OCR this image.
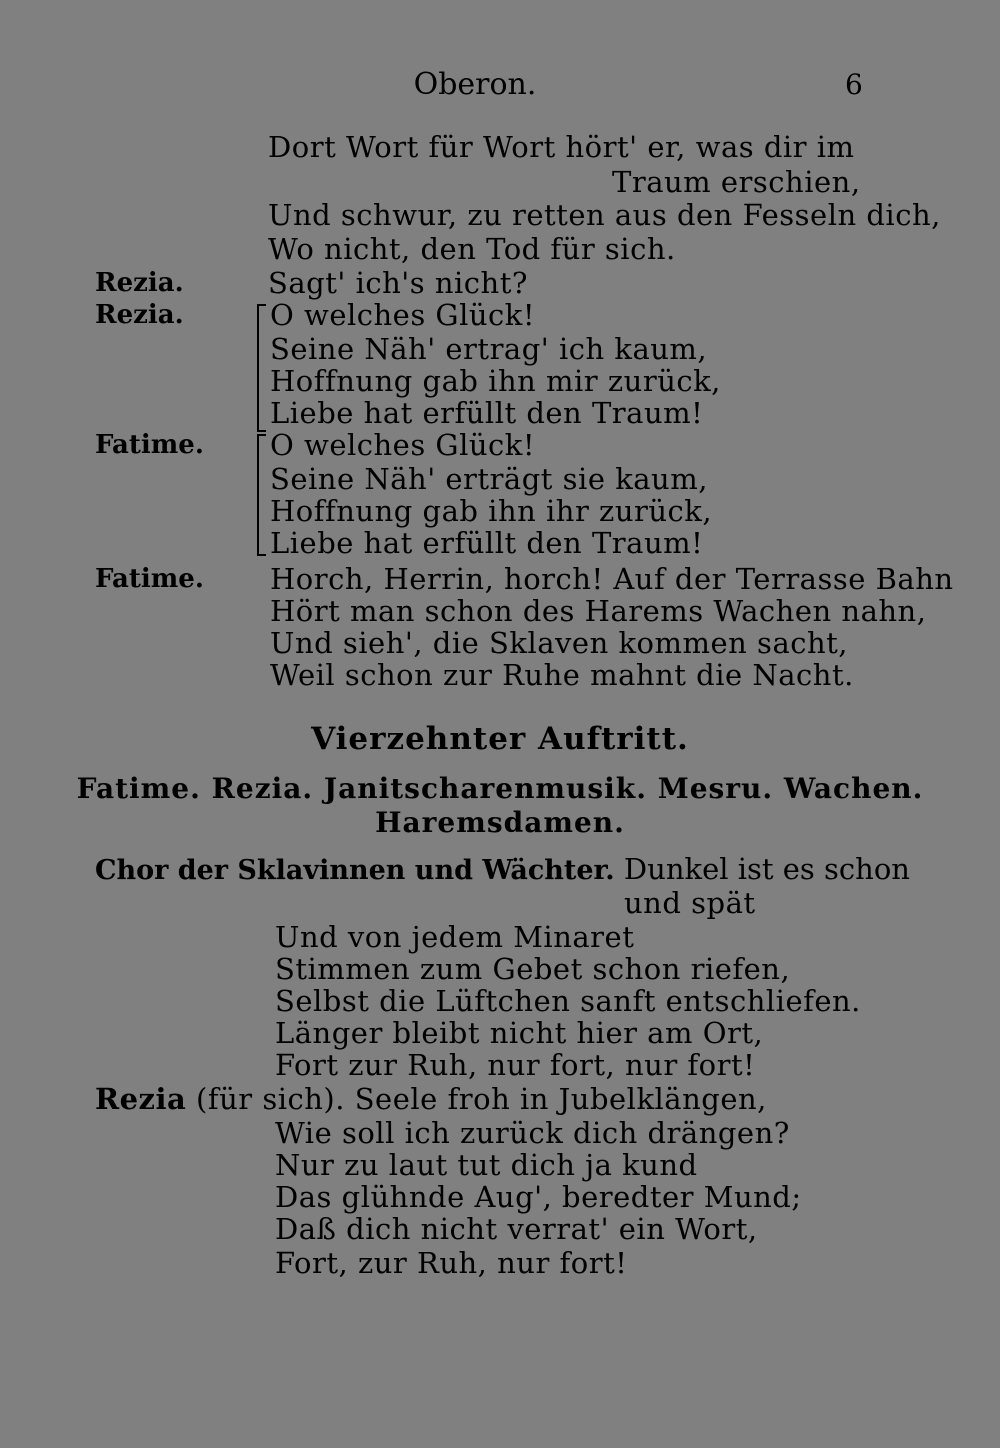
Oberon.	6
Dort Wort für Wort hört' er, was dir im
Traum erschien,
Und schwur, zu retten aus den Fesseln dich,
Wo nicht, den Tod für sich.
Rezia.	Sagt' ich's nicht?
Rezia.	O welches Glück!
Seine Näh' ertrag' ich kaum,
Hoffnung gab ihn mir zurück,
Liebe hat erfüllt den Traum!
Fatime. O welches Glück!
Seine Näh' erträgt sie kaum,
Hoffnung gab ihn ihr zurück,
Liebe hat erfüllt den Traum!
Fatime. Horch, Herrin, horch! Auf der Terrasse Bahn
Hört man schon des Harems Wachen nahn,
Und sieh', die Sklaven kommen sacht,
Weil schon zur Ruhe mahnt die Nacht.
Vierzehnter Auftritt.
Fatime. Rezia. Janitscharenmusik. Mesru. Wachen.
Haremsdamen.
Chor der Sklavinnen und Wächter. Dunkel ist es schon
und spät
Und von jedem Minaret
Stimmen zum Gebet schon riefen,
Selbst die Lüftchen sanft entschliefen.
Länger bleibt nicht hier am Ort,
Fort zur Ruh, nur fort, nur fort!
Rezia (für sich). Seele froh in Jubelklängen,
Wie soll ich zurück dich drängen?
Nur zu laut tut dich ja kund
Das glühnde Aug', beredter Mund;
Daß dich nicht verrat' ein Wort,
Fort, zur Ruh, nur fort!
